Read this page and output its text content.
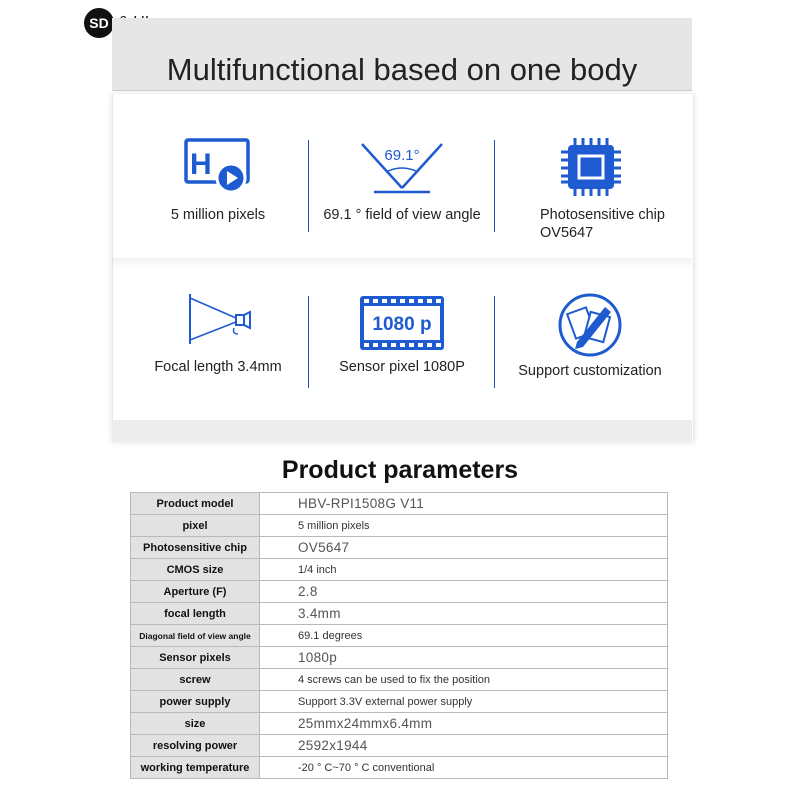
SD
Multifunctional based on one body
H
5 million pixels
69.1°
69.1 ° field of view angle	Photosensitive chip OV5647
Focal length 3.4mm
1080 p
Sensor pixel 1080P	Support customization
Product parameters
Product model	HBV-RPI1508G V11
pixel	5 million pixels
Photosensitive chip	OV5647
CMOS size	1/4 inch
Aperture (F)	2.8
focal length	3.4mm
Diagonal field of view angle	69.1 degrees
Sensor pixels	1080p
screw	4 screws can be used to fix the position
power supply	Support 3.3V external power supply
size	25mmx24mmx6.4mm
resolving power	2592x1944
working temperature	-20 ° C~70 ° C conventional
